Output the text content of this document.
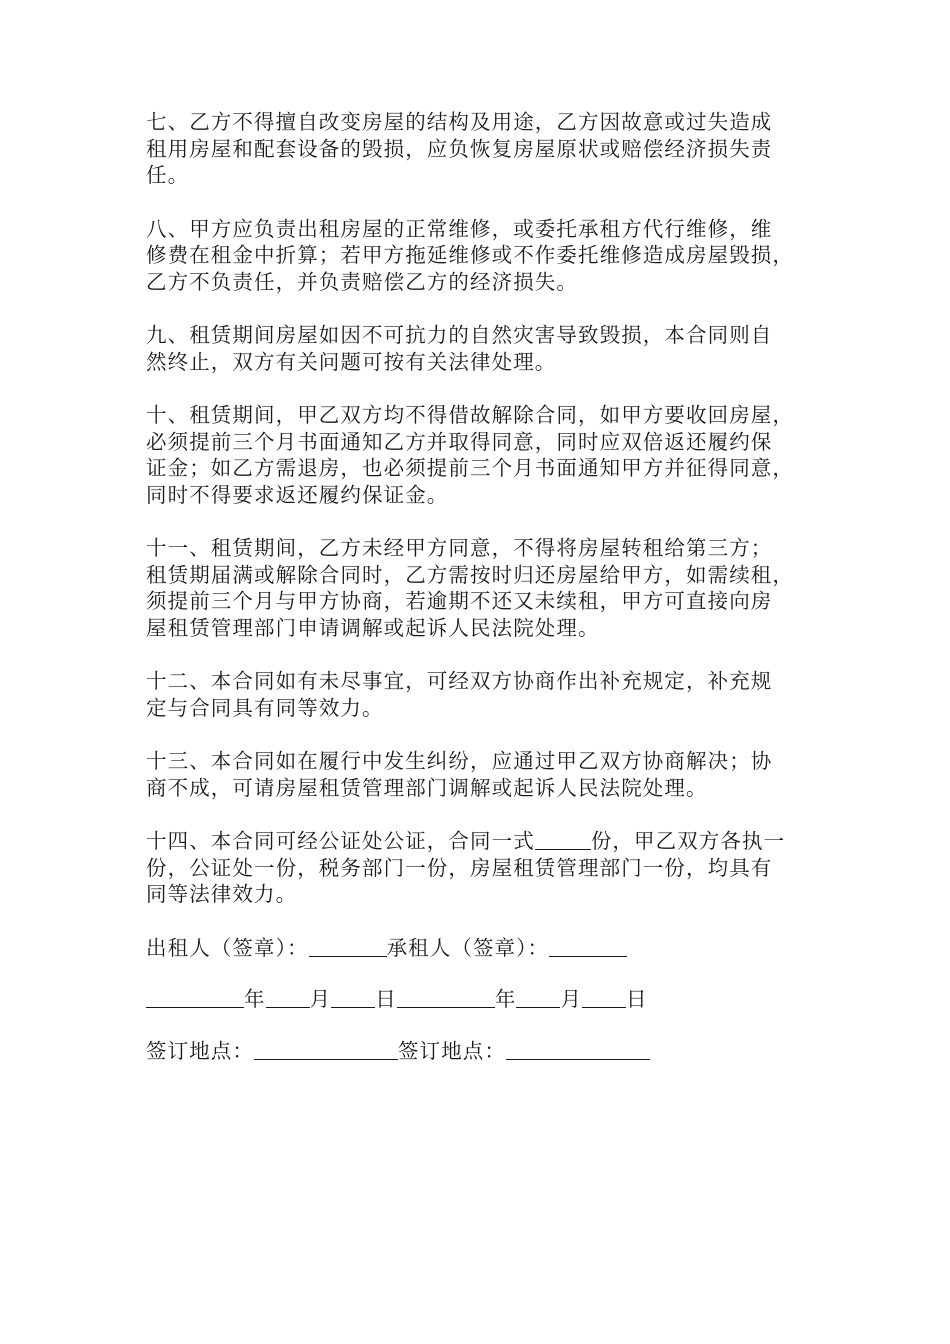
七、乙方不得擅自改变房屋的结构及用途，乙方因故意或过失造成
租用房屋和配套设备的毁损，应负恢复房屋原状或赔偿经济损失责
任。

八、甲方应负责出租房屋的正常维修，或委托承租方代行维修，维
修费在租金中折算；若甲方拖延维修或不作委托维修造成房屋毁损，
乙方不负责任，并负责赔偿乙方的经济损失。

九、租赁期间房屋如因不可抗力的自然灾害导致毁损，本合同则自
然终止，双方有关问题可按有关法律处理。

十、租赁期间，甲乙双方均不得借故解除合同，如甲方要收回房屋，
必须提前三个月书面通知乙方并取得同意，同时应双倍返还履约保
证金；如乙方需退房，也必须提前三个月书面通知甲方并征得同意，
同时不得要求返还履约保证金。

十一、租赁期间，乙方未经甲方同意，不得将房屋转租给第三方；
租赁期届满或解除合同时，乙方需按时归还房屋给甲方，如需续租，
须提前三个月与甲方协商，若逾期不还又未续租，甲方可直接向房
屋租赁管理部门申请调解或起诉人民法院处理。

十二、本合同如有未尽事宜，可经双方协商作出补充规定，补充规
定与合同具有同等效力。

十三、本合同如在履行中发生纠纷，应通过甲乙双方协商解决；协
商不成，可请房屋租赁管理部门调解或起诉人民法院处理。

十四、本合同可经公证处公证，合同一式	份，甲乙双方各执一
份，公证处一份，税务部门一份，房屋租赁管理部门一份，均具有
同等法律效力。

出租人（签章）：	承租人（签章）：
年 月 日	年 月 日
签订地点：	签订地点：
